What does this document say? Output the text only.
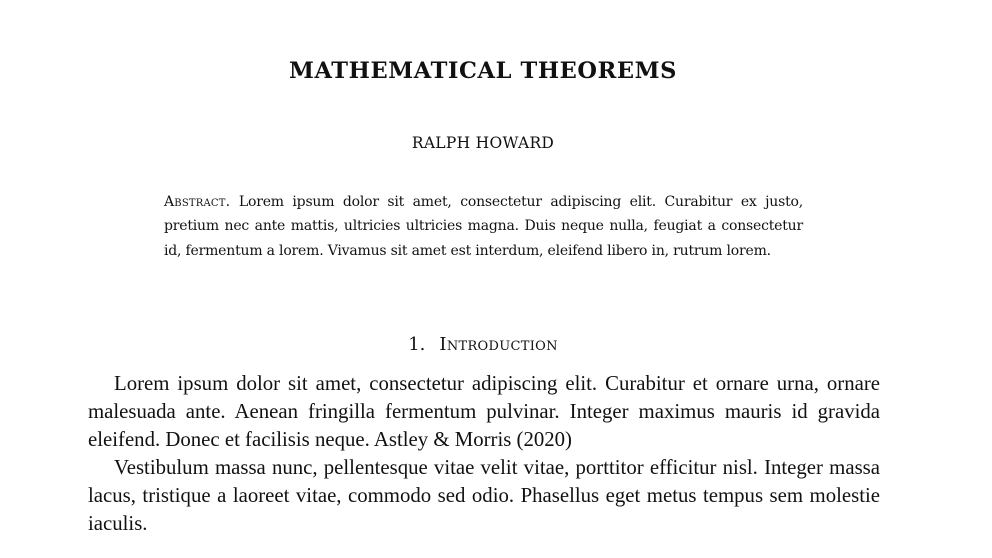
MATHEMATICAL THEOREMS
RALPH HOWARD
Abstract. Lorem ipsum dolor sit amet, consectetur adipiscing elit. Curabitur ex justo, pretium nec ante mattis, ultricies ultricies magna. Duis neque nulla, feugiat a consectetur id, fermentum a lorem. Vivamus sit amet est interdum, eleifend libero in, rutrum lorem.
1. Introduction

Lorem ipsum dolor sit amet, consectetur adipiscing elit. Curabitur et ornare urna, ornare malesuada ante. Aenean fringilla fermentum pulvinar. Integer maximus mauris id gravida eleifend. Donec et facilisis neque. Astley & Morris (2020)

Vestibulum massa nunc, pellentesque vitae velit vitae, porttitor efficitur nisl. Integer massa lacus, tristique a laoreet vitae, commodo sed odio. Phasellus eget metus tempus sem molestie iaculis.
